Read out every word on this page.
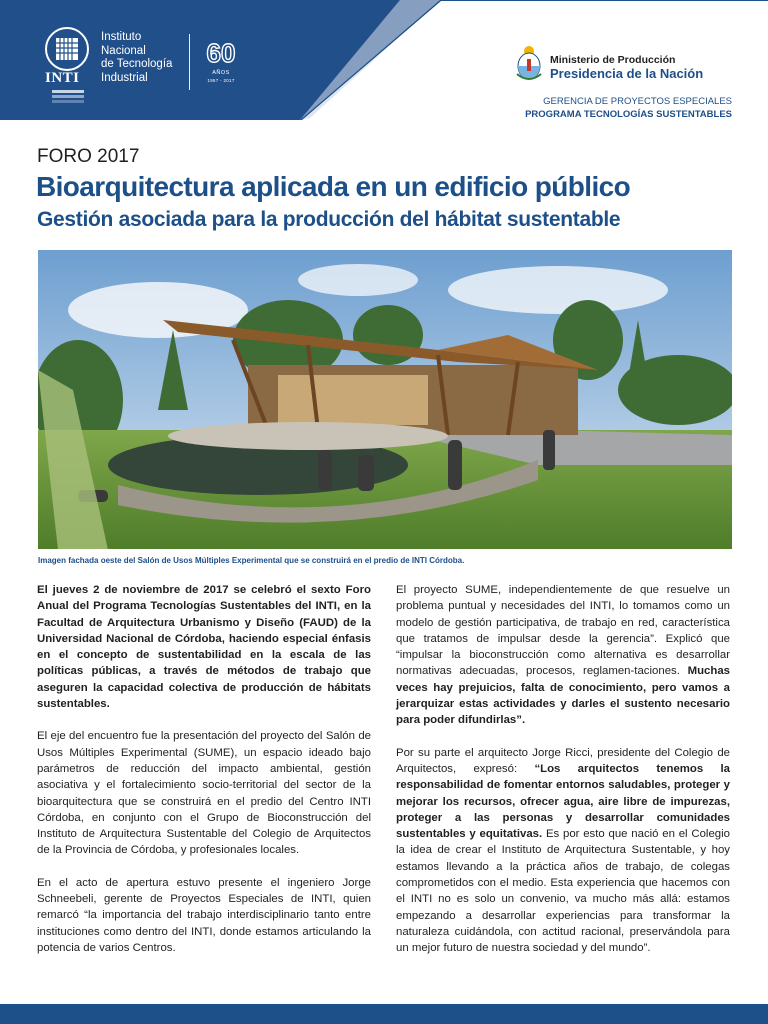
INTI
Instituto
Nacional
de Tecnología
Industrial
60
AÑOS
1957 - 2017
Ministerio de Producción
Presidencia de la Nación
GERENCIA DE PROYECTOS ESPECIALES
PROGRAMA TECNOLOGÍAS SUSTENTABLES
FORO 2017
Bioarquitectura aplicada en un edificio público
Gestión asociada para la producción del hábitat sustentable
Imagen fachada oeste del Salón de Usos Múltiples Experimental que se construirá en el predio de INTI Córdoba.

El jueves 2 de noviembre de 2017 se celebró el sexto Foro Anual del Programa Tecnologías Sustentables del INTI, en la Facultad de Arquitectura Urbanismo y Diseño (FAUD) de la Universidad Nacional de Córdoba, haciendo especial énfasis en el concepto de sustentabilidad en la escala de las políticas públicas, a través de métodos de trabajo que aseguren la capacidad colectiva de producción de hábitats sustentables.

El eje del encuentro fue la presentación del proyecto del Salón de Usos Múltiples Experimental (SUME), un espacio ideado bajo parámetros de reducción del impacto ambiental, gestión asociativa y el fortalecimiento socio-territorial del sector de la bioarquitectura que se construirá en el predio del Centro INTI Córdoba, en conjunto con el Grupo de Bioconstrucción del Instituto de Arquitectura Sustentable del Colegio de Arquitectos de la Provincia de Córdoba, y profesionales locales.

En el acto de apertura estuvo presente el ingeniero Jorge Schneebeli, gerente de Proyectos Especiales de INTI, quien remarcó “la importancia del trabajo interdisciplinario tanto entre instituciones como dentro del INTI, donde estamos articulando la potencia de varios Centros.

El proyecto SUME, independientemente de que resuelve un problema puntual y necesidades del INTI, lo tomamos como un modelo de gestión participativa, de trabajo en red, característica que tratamos de impulsar desde la gerencia”. Explicó que “impulsar la bioconstrucción como alternativa es desarrollar normativas adecuadas, procesos, reglamen-taciones. Muchas veces hay prejuicios, falta de conocimiento, pero vamos a jerarquizar estas actividades y darles el sustento necesario para poder difundirlas”.

Por su parte el arquitecto Jorge Ricci, presidente del Colegio de Arquitectos, expresó: “Los arquitectos tenemos la responsabilidad de fomentar entornos saludables, proteger y mejorar los recursos, ofrecer agua, aire libre de impurezas, proteger a las personas y desarrollar comunidades sustentables y equitativas. Es por esto que nació en el Colegio la idea de crear el Instituto de Arquitectura Sustentable, y hoy estamos llevando a la práctica años de trabajo, de colegas comprometidos con el medio. Esta experiencia que hacemos con el INTI no es solo un convenio, va mucho más allá: estamos empezando a desarrollar experiencias para transformar la naturaleza cuidándola, con actitud racional, preservándola para un mejor futuro de nuestra sociedad y del mundo”.
